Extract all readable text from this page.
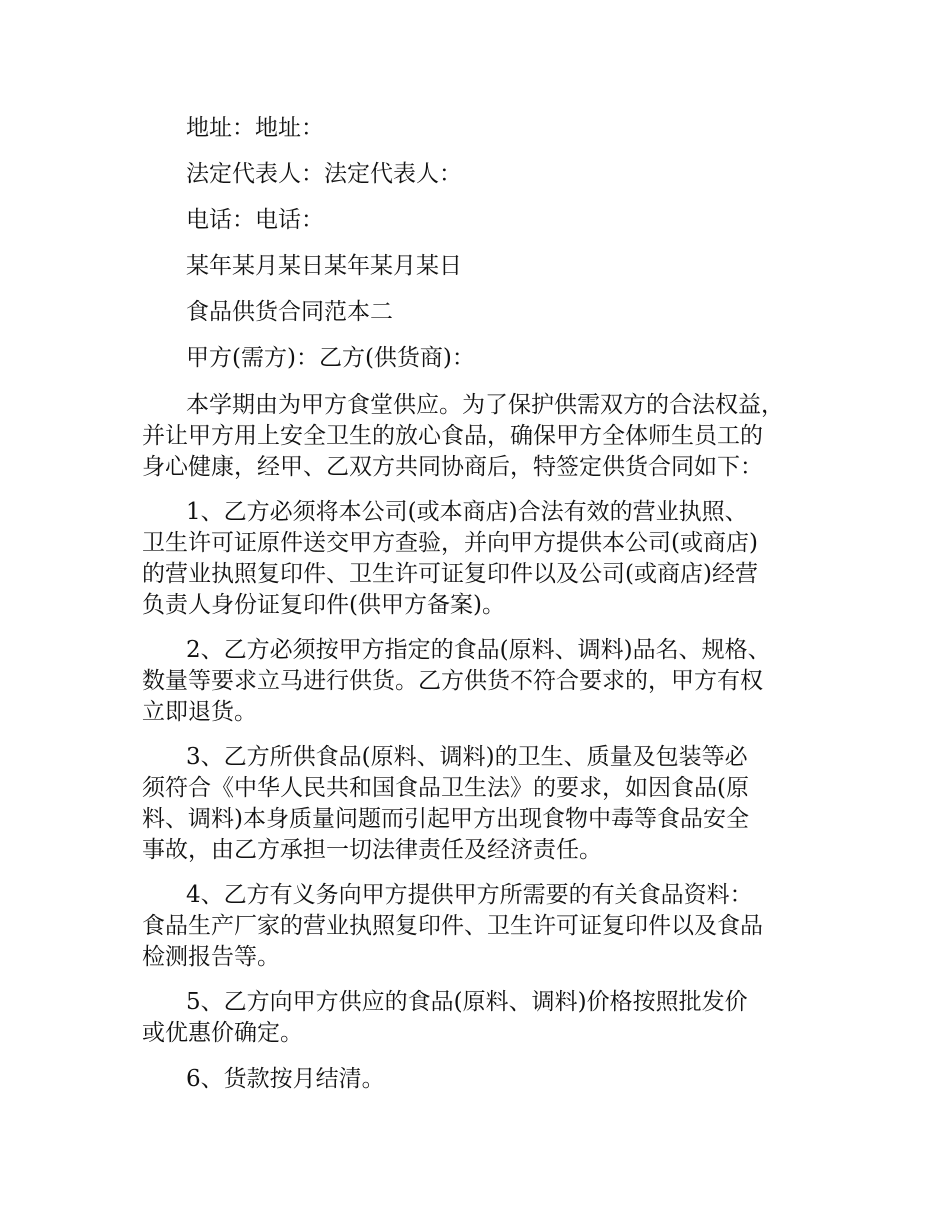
地址：地址：
法定代表人：法定代表人：
电话：电话：
某年某月某日某年某月某日
食品供货合同范本二
甲方(需方)：乙方(供货商)：
本学期由为甲方食堂供应。为了保护供需双方的合法权益，
并让甲方用上安全卫生的放心食品，确保甲方全体师生员工的
身心健康，经甲、乙双方共同协商后，特签定供货合同如下：
1、乙方必须将本公司(或本商店)合法有效的营业执照、
卫生许可证原件送交甲方查验，并向甲方提供本公司(或商店)
的营业执照复印件、卫生许可证复印件以及公司(或商店)经营
负责人身份证复印件(供甲方备案)。
2、乙方必须按甲方指定的食品(原料、调料)品名、规格、
数量等要求立马进行供货。乙方供货不符合要求的，甲方有权
立即退货。
3、乙方所供食品(原料、调料)的卫生、质量及包装等必
须符合《中华人民共和国食品卫生法》的要求，如因食品(原
料、调料)本身质量问题而引起甲方出现食物中毒等食品安全
事故，由乙方承担一切法律责任及经济责任。
4、乙方有义务向甲方提供甲方所需要的有关食品资料：
食品生产厂家的营业执照复印件、卫生许可证复印件以及食品
检测报告等。
5、乙方向甲方供应的食品(原料、调料)价格按照批发价
或优惠价确定。
6、货款按月结清。
